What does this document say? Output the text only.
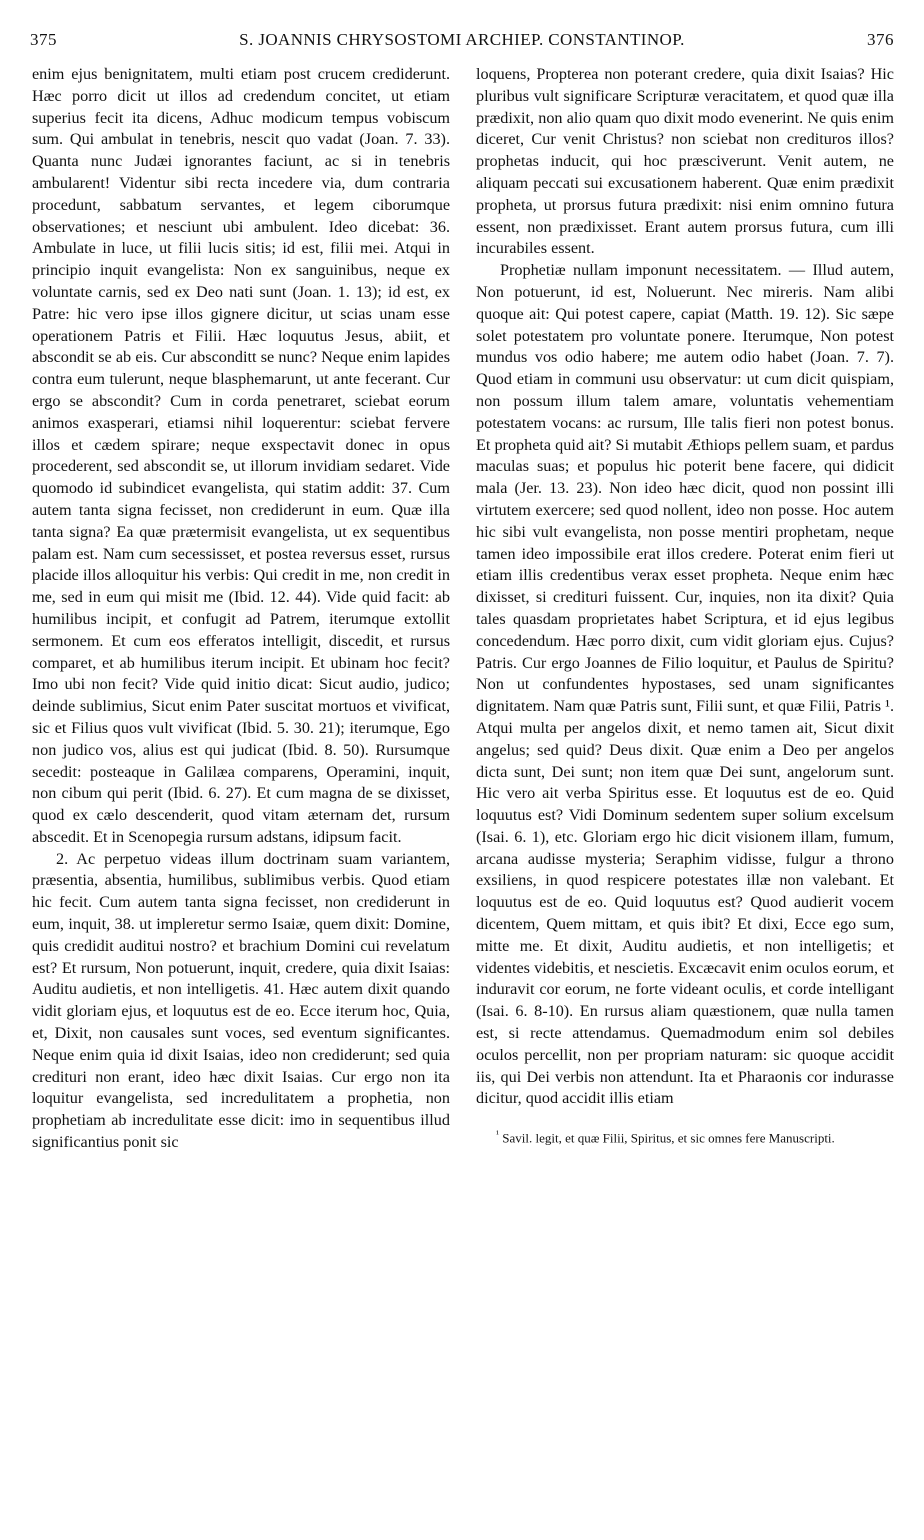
375	S. JOANNIS CHRYSOSTOMI ARCHIEP. CONSTANTINOP.	376

enim ejus benignitatem, multi etiam post crucem crediderunt. Hæc porro dicit ut illos ad credendum concitet, ut etiam superius fecit ita dicens, Adhuc modicum tempus vobiscum sum. Qui ambulat in tenebris, nescit quo vadat (Joan. 7. 33). Quanta nunc Judæi ignorantes faciunt, ac si in tenebris ambularent! Videntur sibi recta incedere via, dum contraria procedunt, sabbatum servantes, et legem ciborumque observationes; et nesciunt ubi ambulent. Ideo dicebat: 36. Ambulate in luce, ut filii lucis sitis; id est, filii mei. Atqui in principio inquit evangelista: Non ex sanguinibus, neque ex voluntate carnis, sed ex Deo nati sunt (Joan. 1. 13); id est, ex Patre: hic vero ipse illos gignere dicitur, ut scias unam esse operationem Patris et Filii. Hæc loquutus Jesus, abiit, et abscondit se ab eis. Cur absconditt se nunc? Neque enim lapides contra eum tulerunt, neque blasphemarunt, ut ante fecerant. Cur ergo se abscondit? Cum in corda penetraret, sciebat eorum animos exasperari, etiamsi nihil loquerentur: sciebat fervere illos et cædem spirare; neque exspectavit donec in opus procederent, sed abscondit se, ut illorum invidiam sedaret. Vide quomodo id subindicet evangelista, qui statim addit: 37. Cum autem tanta signa fecisset, non crediderunt in eum. Quæ illa tanta signa? Ea quæ prætermisit evangelista, ut ex sequentibus palam est. Nam cum secessisset, et postea reversus esset, rursus placide illos alloquitur his verbis: Qui credit in me, non credit in me, sed in eum qui misit me (Ibid. 12. 44). Vide quid facit: ab humilibus incipit, et confugit ad Patrem, iterumque extollit sermonem. Et cum eos efferatos intelligit, discedit, et rursus comparet, et ab humilibus iterum incipit. Et ubinam hoc fecit? Imo ubi non fecit? Vide quid initio dicat: Sicut audio, judico; deinde sublimius, Sicut enim Pater suscitat mortuos et vivificat, sic et Filius quos vult vivificat (Ibid. 5. 30. 21); iterumque, Ego non judico vos, alius est qui judicat (Ibid. 8. 50). Rursumque secedit: posteaque in Galilæa comparens, Operamini, inquit, non cibum qui perit (Ibid. 6. 27). Et cum magna de se dixisset, quod ex cælo descenderit, quod vitam æternam det, rursum abscedit. Et in Scenopegia rursum adstans, idipsum facit.

2. Ac perpetuo videas illum doctrinam suam variantem, præsentia, absentia, humilibus, sublimibus verbis. Quod etiam hic fecit. Cum autem tanta signa fecisset, non crediderunt in eum, inquit, 38. ut impleretur sermo Isaiæ, quem dixit: Domine, quis credidit auditui nostro? et brachium Domini cui revelatum est? Et rursum, Non potuerunt, inquit, credere, quia dixit Isaias: Auditu audietis, et non intelligetis. 41. Hæc autem dixit quando vidit gloriam ejus, et loquutus est de eo. Ecce iterum hoc, Quia, et, Dixit, non causales sunt voces, sed eventum significantes. Neque enim quia id dixit Isaias, ideo non crediderunt; sed quia credituri non erant, ideo hæc dixit Isaias. Cur ergo non ita loquitur evangelista, sed incredulitatem a prophetia, non prophetiam ab incredulitate esse dicit: imo in sequentibus illud significantius ponit sic

loquens, Propterea non poterant credere, quia dixit Isaias? Hic pluribus vult significare Scripturæ veracitatem, et quod quæ illa prædixit, non alio quam quo dixit modo evenerint. Ne quis enim diceret, Cur venit Christus? non sciebat non credituros illos? prophetas inducit, qui hoc præsciverunt. Venit autem, ne aliquam peccati sui excusationem haberent. Quæ enim prædixit propheta, ut prorsus futura prædixit: nisi enim omnino futura essent, non prædixisset. Erant autem prorsus futura, cum illi incurabiles essent.

Prophetiæ nullam imponunt necessitatem. — Illud autem, Non potuerunt, id est, Noluerunt. Nec mireris. Nam alibi quoque ait: Qui potest capere, capiat (Matth. 19. 12). Sic sæpe solet potestatem pro voluntate ponere. Iterumque, Non potest mundus vos odio habere; me autem odio habet (Joan. 7. 7). Quod etiam in communi usu observatur: ut cum dicit quispiam, non possum illum talem amare, voluntatis vehementiam potestatem vocans: ac rursum, Ille talis fieri non potest bonus. Et propheta quid ait? Si mutabit Æthiops pellem suam, et pardus maculas suas; et populus hic poterit bene facere, qui didicit mala (Jer. 13. 23). Non ideo hæc dicit, quod non possint illi virtutem exercere; sed quod nollent, ideo non posse. Hoc autem hic sibi vult evangelista, non posse mentiri prophetam, neque tamen ideo impossibile erat illos credere. Poterat enim fieri ut etiam illis credentibus verax esset propheta. Neque enim hæc dixisset, si crediturі fuissent. Cur, inquies, non ita dixit? Quia tales quasdam proprietates habet Scriptura, et id ejus legibus concedendum. Hæc porro dixit, cum vidit gloriam ejus. Cujus? Patris. Cur ergo Joannes de Filio loquitur, et Paulus de Spiritu? Non ut confundentes hypostases, sed unam significantes dignitatem. Nam quæ Patris sunt, Filii sunt, et quæ Filii, Patris ¹. Atqui multa per angelos dixit, et nemo tamen ait, Sicut dixit angelus; sed quid? Deus dixit. Quæ enim a Deo per angelos dicta sunt, Dei sunt; non item quæ Dei sunt, angelorum sunt. Hic vero ait verba Spiritus esse. Et loquutus est de eo. Quid loquutus est? Vidi Dominum sedentem super solium excelsum (Isai. 6. 1), etc. Gloriam ergo hic dicit visionem illam, fumum, arcana audisse mysteria; Seraphim vidisse, fulgur a throno exsiliens, in quod respicere potestates illæ non valebant. Et loquutus est de eo. Quid loquutus est? Quod audierit vocem dicentem, Quem mittam, et quis ibit? Et dixi, Ecce ego sum, mitte me. Et dixit, Auditu audietis, et non intelligetis; et videntes videbitis, et nescietis. Excæcavit enim oculos eorum, et induravit cor eorum, ne forte videant oculis, et corde intelligant (Isai. 6. 8-10). En rursus aliam quæstionem, quæ nulla tamen est, si recte attendamus. Quemadmodum enim sol debiles oculos percellit, non per propriam naturam: sic quoque accidit iis, qui Dei verbis non attendunt. Ita et Pharaonis cor indurasse dicitur, quod accidit illis etiam

$^{^1}$ Savil. legit, et quæ Filii, Spiritus, et sic omnes fere Manuscripti.
